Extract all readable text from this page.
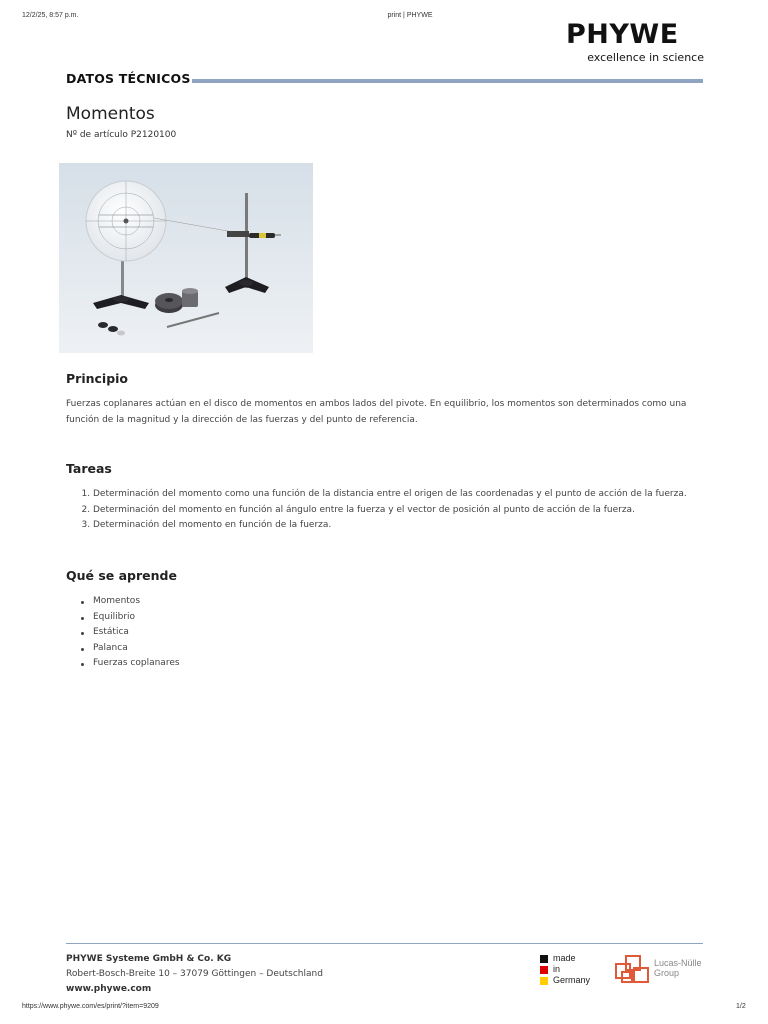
12/2/25, 8:57 p.m.	print | PHYWE
PHYWE
excellence in science
DATOS TÉCNICOS
Momentos
Nº de artículo P2120100
Principio

Fuerzas coplanares actúan en el disco de momentos en ambos lados del pivote. En equilibrio, los momentos son determinados como una función de la magnitud y la dirección de las fuerzas y del punto de referencia.

Tareas
1. Determinación del momento como una función de la distancia entre el origen de las coordenadas y el punto de acción de la fuerza.
2. Determinación del momento en función al ángulo entre la fuerza y el vector de posición al punto de acción de la fuerza.
3. Determinación del momento en función de la fuerza.
Qué se aprende
Momentos
Equilibrio
Estática
Palanca
Fuerzas coplanares
PHYWE Systeme GmbH & Co. KG
Robert-Bosch-Breite 10 – 37079 Göttingen – Deutschland
www.phywe.com
made
in
Germany
Lucas-Nülle
Group
https://www.phywe.com/es/print/?item=9209	1/2
